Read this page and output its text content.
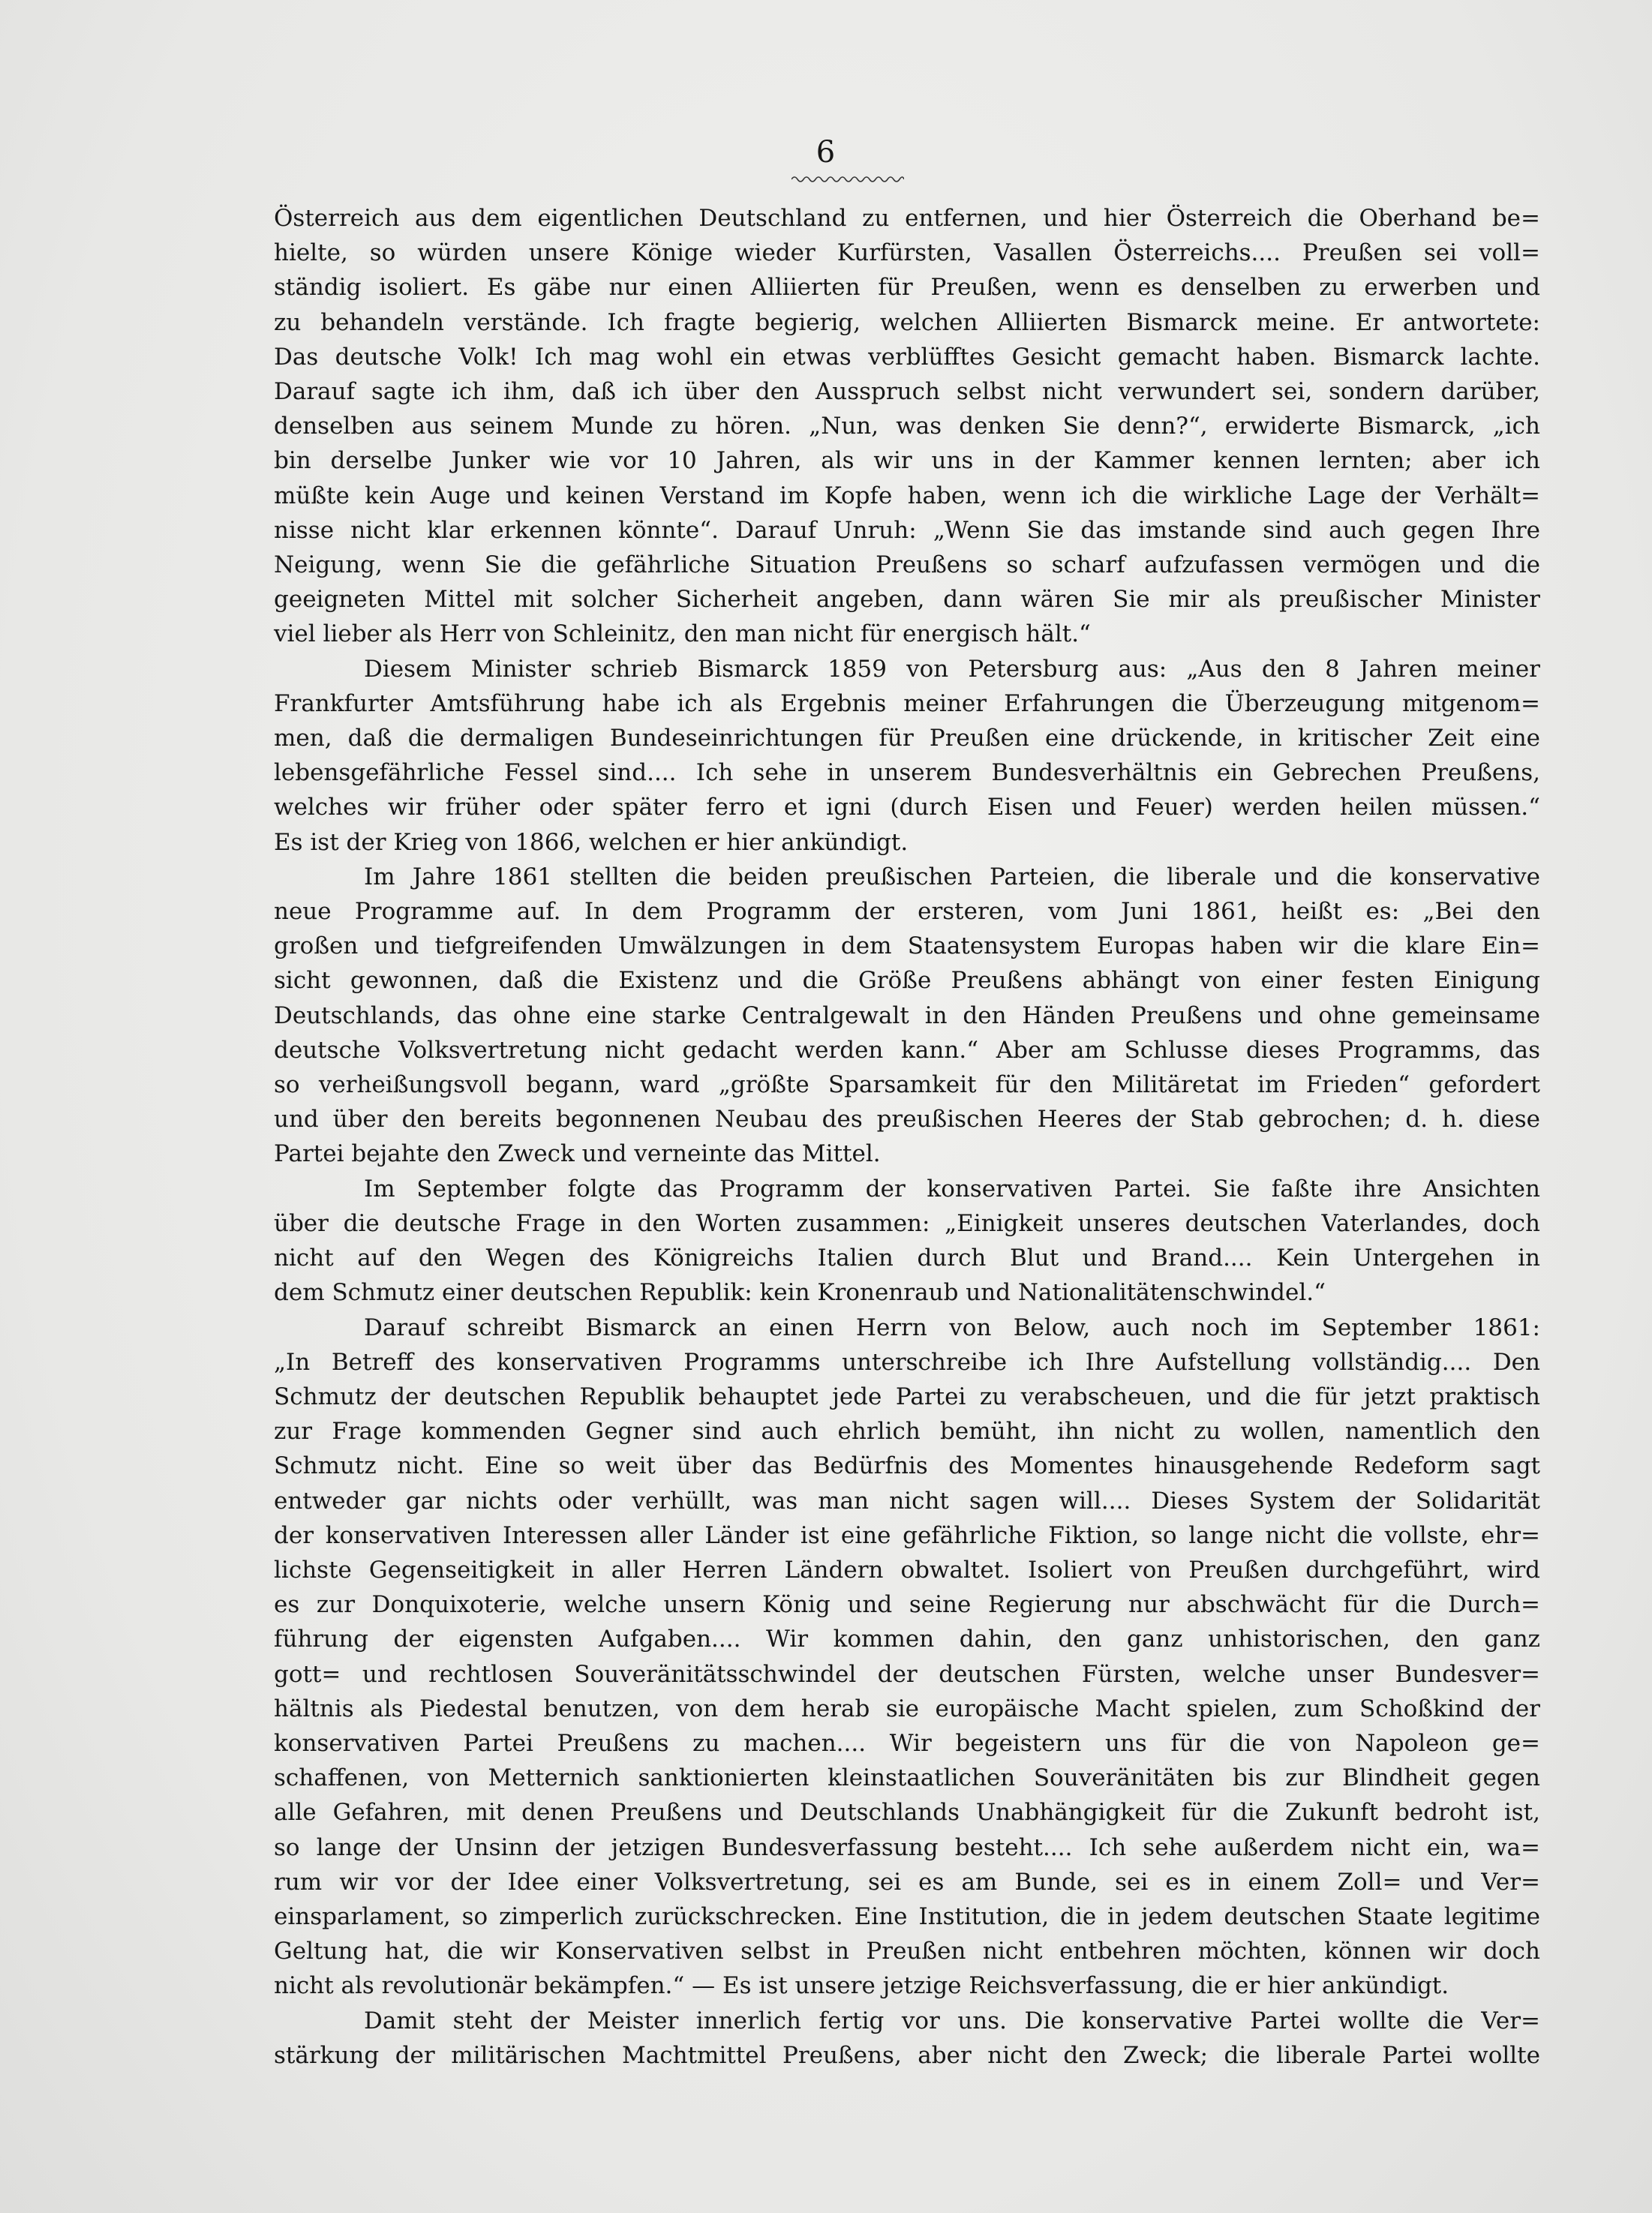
6
Österreich aus dem eigentlichen Deutschland zu entfernen, und hier Österreich die Oberhand be=
hielte, so würden unsere Könige wieder Kurfürsten, Vasallen Österreichs.... Preußen sei voll=
ständig isoliert. Es gäbe nur einen Alliierten für Preußen, wenn es denselben zu erwerben und
zu behandeln verstände. Ich fragte begierig, welchen Alliierten Bismarck meine. Er antwortete:
Das deutsche Volk! Ich mag wohl ein etwas verblüfftes Gesicht gemacht haben. Bismarck lachte.
Darauf sagte ich ihm, daß ich über den Ausspruch selbst nicht verwundert sei, sondern darüber,
denselben aus seinem Munde zu hören. „Nun, was denken Sie denn?“, erwiderte Bismarck, „ich
bin derselbe Junker wie vor 10 Jahren, als wir uns in der Kammer kennen lernten; aber ich
müßte kein Auge und keinen Verstand im Kopfe haben, wenn ich die wirkliche Lage der Verhält=
nisse nicht klar erkennen könnte“. Darauf Unruh: „Wenn Sie das imstande sind auch gegen Ihre
Neigung, wenn Sie die gefährliche Situation Preußens so scharf aufzufassen vermögen und die
geeigneten Mittel mit solcher Sicherheit angeben, dann wären Sie mir als preußischer Minister
viel lieber als Herr von Schleinitz, den man nicht für energisch hält.“
Diesem Minister schrieb Bismarck 1859 von Petersburg aus: „Aus den 8 Jahren meiner
Frankfurter Amtsführung habe ich als Ergebnis meiner Erfahrungen die Überzeugung mitgenom=
men, daß die dermaligen Bundeseinrichtungen für Preußen eine drückende, in kritischer Zeit eine
lebensgefährliche Fessel sind.... Ich sehe in unserem Bundesverhältnis ein Gebrechen Preußens,
welches wir früher oder später ferro et igni (durch Eisen und Feuer) werden heilen müssen.“
Es ist der Krieg von 1866, welchen er hier ankündigt.
Im Jahre 1861 stellten die beiden preußischen Parteien, die liberale und die konservative
neue Programme auf. In dem Programm der ersteren, vom Juni 1861, heißt es: „Bei den
großen und tiefgreifenden Umwälzungen in dem Staatensystem Europas haben wir die klare Ein=
sicht gewonnen, daß die Existenz und die Größe Preußens abhängt von einer festen Einigung
Deutschlands, das ohne eine starke Centralgewalt in den Händen Preußens und ohne gemeinsame
deutsche Volksvertretung nicht gedacht werden kann.“ Aber am Schlusse dieses Programms, das
so verheißungsvoll begann, ward „größte Sparsamkeit für den Militäretat im Frieden“ gefordert
und über den bereits begonnenen Neubau des preußischen Heeres der Stab gebrochen; d. h. diese
Partei bejahte den Zweck und verneinte das Mittel.
Im September folgte das Programm der konservativen Partei. Sie faßte ihre Ansichten
über die deutsche Frage in den Worten zusammen: „Einigkeit unseres deutschen Vaterlandes, doch
nicht auf den Wegen des Königreichs Italien durch Blut und Brand.... Kein Untergehen in
dem Schmutz einer deutschen Republik: kein Kronenraub und Nationalitätenschwindel.“
Darauf schreibt Bismarck an einen Herrn von Below, auch noch im September 1861:
„In Betreff des konservativen Programms unterschreibe ich Ihre Aufstellung vollständig.... Den
Schmutz der deutschen Republik behauptet jede Partei zu verabscheuen, und die für jetzt praktisch
zur Frage kommenden Gegner sind auch ehrlich bemüht, ihn nicht zu wollen, namentlich den
Schmutz nicht. Eine so weit über das Bedürfnis des Momentes hinausgehende Redeform sagt
entweder gar nichts oder verhüllt, was man nicht sagen will.... Dieses System der Solidarität
der konservativen Interessen aller Länder ist eine gefährliche Fiktion, so lange nicht die vollste, ehr=
lichste Gegenseitigkeit in aller Herren Ländern obwaltet. Isoliert von Preußen durchgeführt, wird
es zur Donquixoterie, welche unsern König und seine Regierung nur abschwächt für die Durch=
führung der eigensten Aufgaben.... Wir kommen dahin, den ganz unhistorischen, den ganz
gott= und rechtlosen Souveränitätsschwindel der deutschen Fürsten, welche unser Bundesver=
hältnis als Piedestal benutzen, von dem herab sie europäische Macht spielen, zum Schoßkind der
konservativen Partei Preußens zu machen.... Wir begeistern uns für die von Napoleon ge=
schaffenen, von Metternich sanktionierten kleinstaatlichen Souveränitäten bis zur Blindheit gegen
alle Gefahren, mit denen Preußens und Deutschlands Unabhängigkeit für die Zukunft bedroht ist,
so lange der Unsinn der jetzigen Bundesverfassung besteht.... Ich sehe außerdem nicht ein, wa=
rum wir vor der Idee einer Volksvertretung, sei es am Bunde, sei es in einem Zoll= und Ver=
einsparlament, so zimperlich zurückschrecken. Eine Institution, die in jedem deutschen Staate legitime
Geltung hat, die wir Konservativen selbst in Preußen nicht entbehren möchten, können wir doch
nicht als revolutionär bekämpfen.“ — Es ist unsere jetzige Reichsverfassung, die er hier ankündigt.
Damit steht der Meister innerlich fertig vor uns. Die konservative Partei wollte die Ver=
stärkung der militärischen Machtmittel Preußens, aber nicht den Zweck; die liberale Partei wollte
